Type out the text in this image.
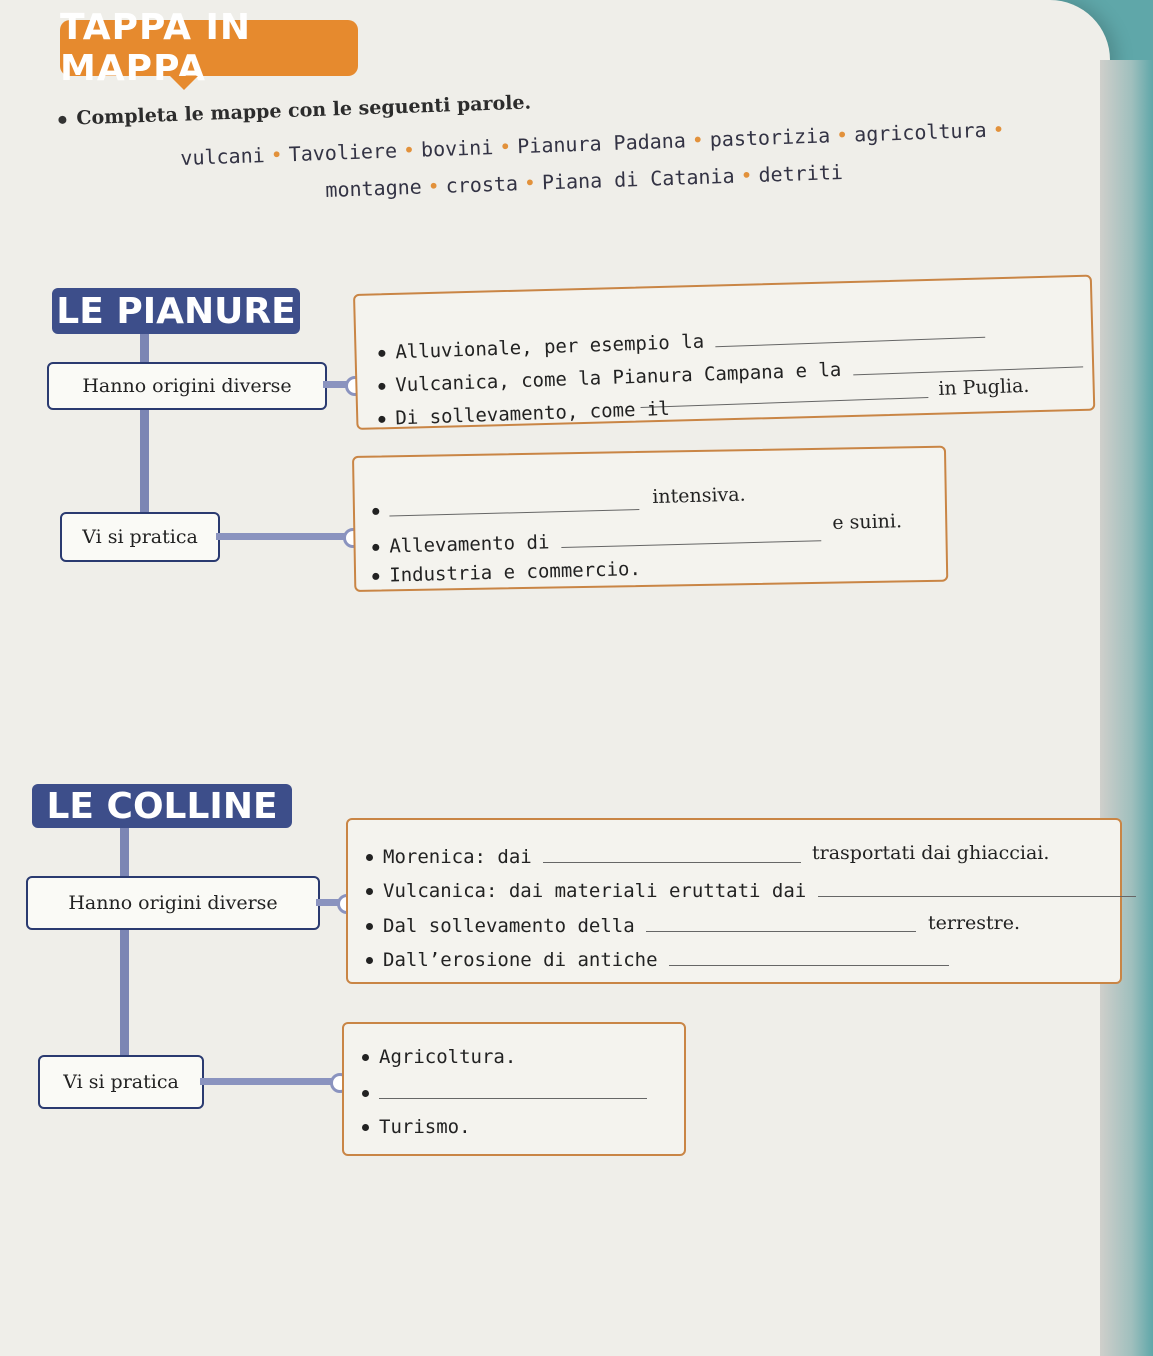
TAPPA IN MAPPA
Completa le mappe con le seguenti parole.
vulcani • Tavoliere • bovini • Pianura Padana • pastorizia • agricoltura •
montagne • crosta • Piana di Catania • detriti
LE PIANURE
Hanno origini diverse
Alluvionale, per esempio la
Vulcanica, come la Pianura Campana e la	in Puglia.
Di sollevamento, come il
Vi si pratica
intensiva.
Allevamento di
e suini.
Industria e commercio.
LE COLLINE
Hanno origini diverse
Morenica: dai	trasportati dai ghiacciai.
Vulcanica: dai materiali eruttati dai
Dal sollevamento della	terrestre.
Dall’erosione di antiche
Vi si pratica
Agricoltura.
Turismo.
